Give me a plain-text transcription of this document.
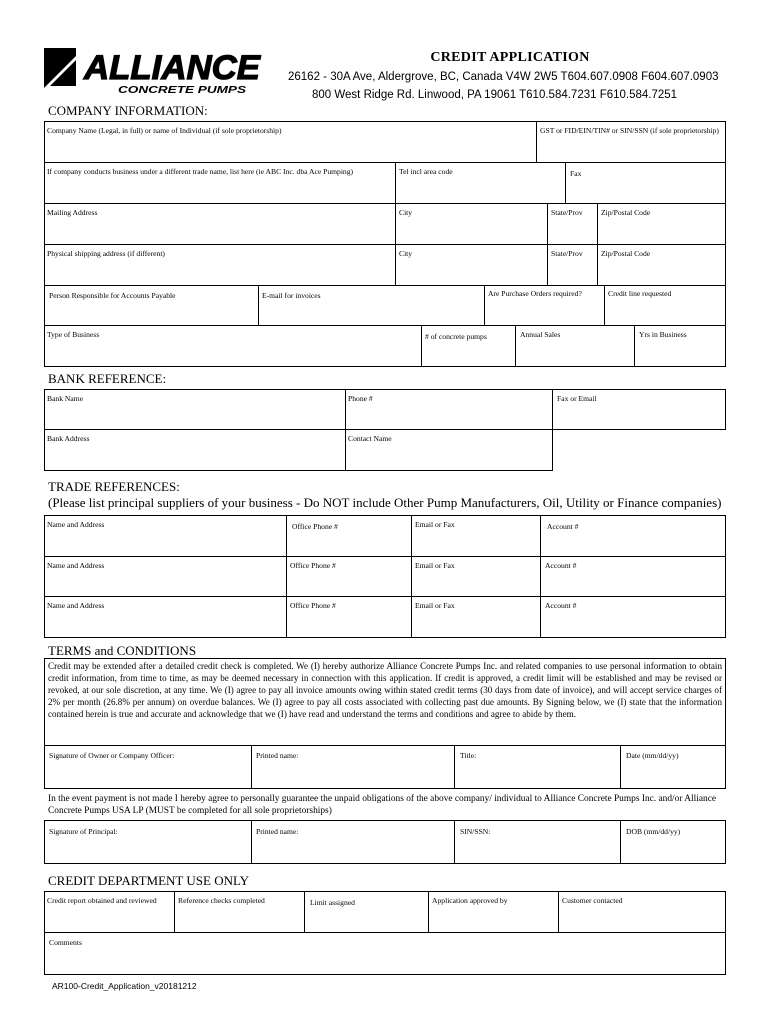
ALLIANCE
CONCRETE PUMPS
CREDIT APPLICATION
26162 - 30A Ave, Aldergrove, BC, Canada V4W 2W5 T604.607.0908 F604.607.0903
800 West Ridge Rd. Linwood, PA 19061 T610.584.7231 F610.584.7251
COMPANY INFORMATION:
Company Name (Legal, in full) or name of Individual (if sole proprietorship)	GST or FID/EIN/TIN# or SIN/SSN (if sole proprietorship)
If company conducts business under a different trade name, list here (ie ABC Inc. dba Ace Pumping)	Tel incl area code	Fax
Mailing Address	City	State/Prov Zip/Postal Code
Physical shipping address (if different)	City	State/Prov Zip/Postal Code
Person Responsible for Accounts Payable	E-mail for invoices	Are Purchase Orders required?	Credit line requested
Type of Business	# of concrete pumps	Annual Sales	Yrs in Business
BANK REFERENCE:
Bank Name	Phone #	Fax or Email
Bank Address	Contact Name
TRADE REFERENCES:
(Please list principal suppliers of your business - Do NOT include Other Pump Manufacturers, Oil, Utility or Finance companies)
Name and Address	Office Phone #	Email or Fax	Account #
Name and Address	Office Phone #	Email or Fax	Account #
Name and Address	Office Phone #	Email or Fax	Account #
TERMS and CONDITIONS
Credit may be extended after a detailed credit check is completed. We (I) hereby authorize Alliance Concrete Pumps Inc. and related companies to use personal information to obtain credit information, from time to time, as may be deemed necessary in connection with this application. If credit is approved, a credit limit will be established and may be revised or revoked, at our sole discretion, at any time. We (I) agree to pay all invoice amounts owing within stated credit terms (30 days from date of invoice), and will accept service charges of 2% per month (26.8% per annum) on overdue balances. We (I) agree to pay all costs associated with collecting past due amounts. By Signing below, we (I) state that the information contained herein is true and accurate and acknowledge that we (I) have read and understand the terms and conditions and agree to abide by them.
Signature of Owner or Company Officer:	Printed name:	Title:	Date (mm/dd/yy)
In the event payment is not made I hereby agree to personally guarantee the unpaid obligations of the above company/ individual to Alliance Concrete Pumps Inc. and/or Alliance Concrete Pumps USA LP (MUST be completed for all sole proprietorships)
Signature of Principal:	Printed name:	SIN/SSN:	DOB (mm/dd/yy)
CREDIT DEPARTMENT USE ONLY
Credit report obtained and reviewed	Reference checks completed	Limit assigned	Application approved by	Customer contacted
Comments
AR100-Credit_Application_v20181212
